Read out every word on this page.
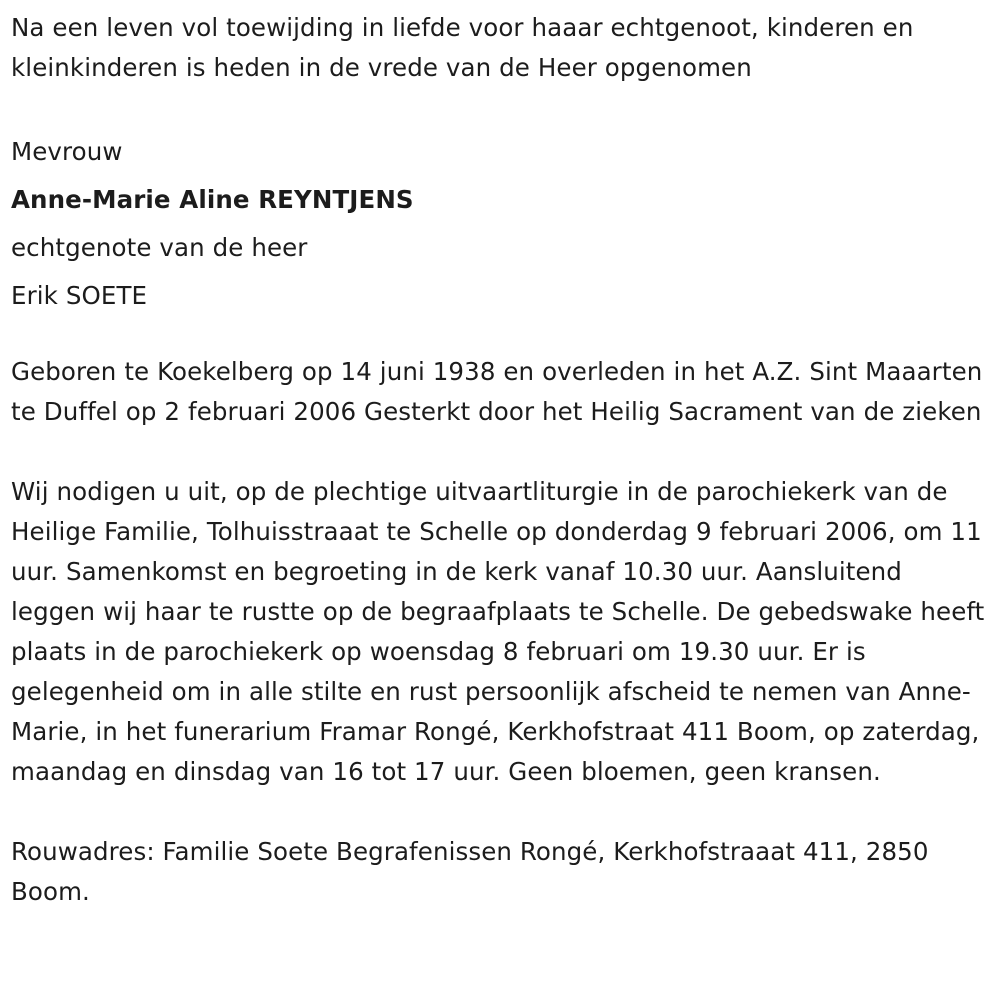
Na een leven vol toewijding in liefde voor haaar echtgenoot, kinderen en kleinkinderen is heden in de vrede van de Heer opgenomen

Mevrouw
Anne-Marie Aline REYNTJENS
echtgenote van de heer
Erik SOETE

Geboren te Koekelberg op 14 juni 1938 en overleden in het A.Z. Sint Maaarten te Duffel op 2 februari 2006 Gesterkt door het Heilig Sacrament van de zieken

Wij nodigen u uit, op de plechtige uitvaartliturgie in de parochiekerk van de Heilige Familie, Tolhuisstraaat te Schelle op donderdag 9 februari 2006, om 11 uur. Samenkomst en begroeting in de kerk vanaf 10.30 uur. Aansluitend leggen wij haar te rustte op de begraafplaats te Schelle. De gebedswake heeft plaats in de parochiekerk op woensdag 8 februari om 19.30 uur. Er is gelegenheid om in alle stilte en rust persoonlijk afscheid te nemen van Anne-Marie, in het funerarium Framar Rongé, Kerkhofstraat 411 Boom, op zaterdag, maandag en dinsdag van 16 tot 17 uur. Geen bloemen, geen kransen.

Rouwadres: Familie Soete Begrafenissen Rongé, Kerkhofstraaat 411, 2850 Boom.
